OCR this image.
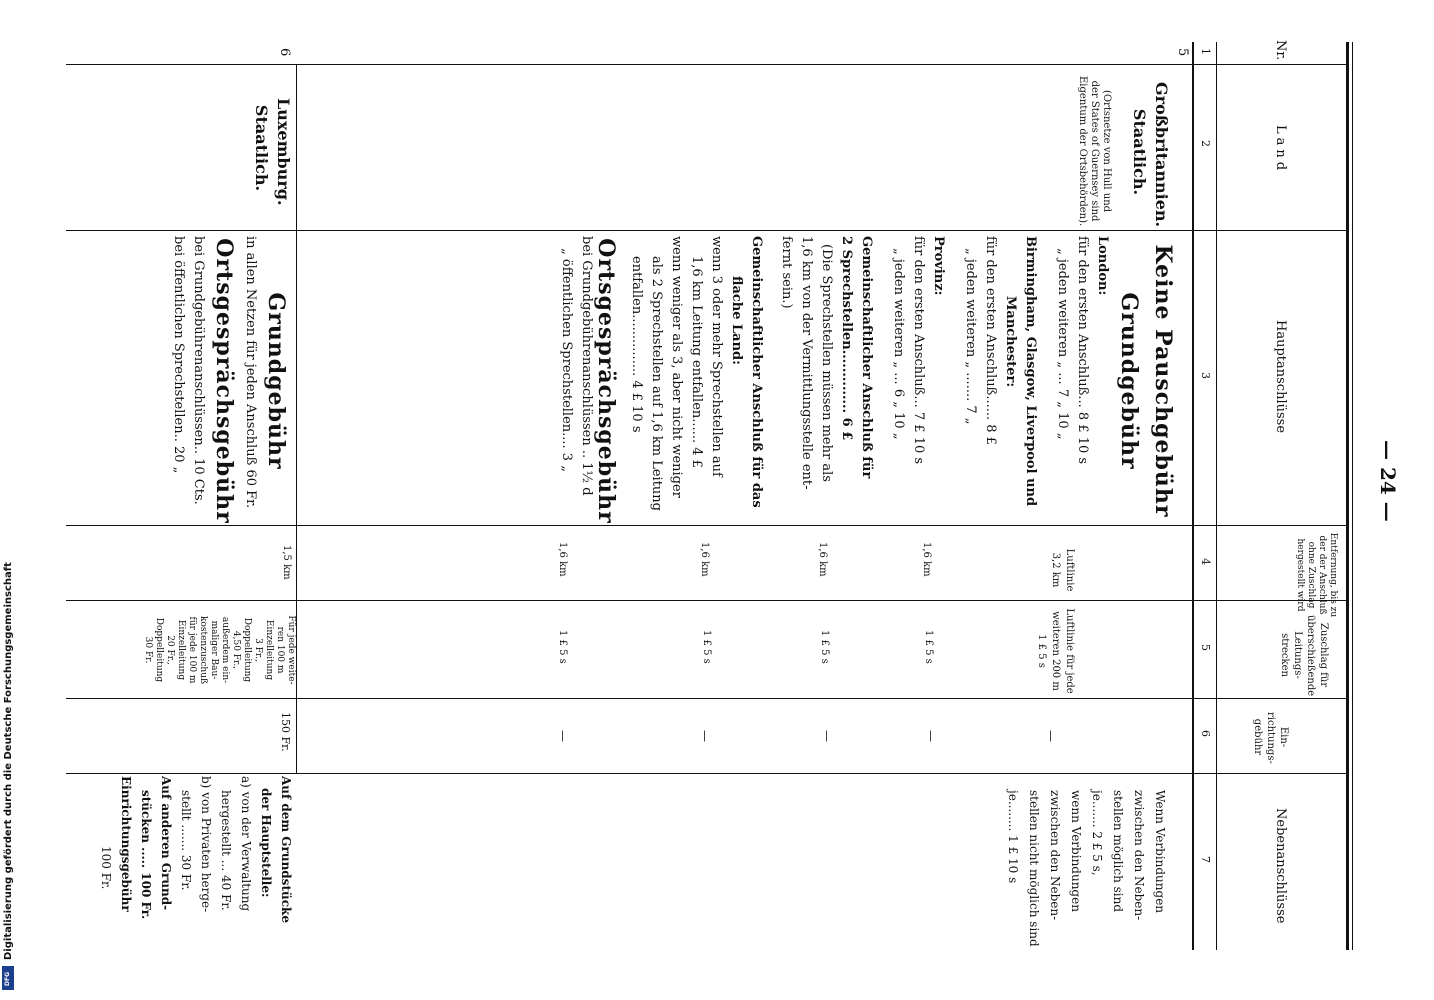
— 24 —
Digitalisierung gefördert durch die Deutsche Forschungsgemeinschaft
DFG
Nr.
Land
Hauptanschlüsse
Entfernung, bis zu der der Anschluß ohne Zuschlag hergestellt wird
Zuschlag für überschießende Leitungs-strecken
Ein-richtungs-gebühr
Nebenanschlüsse
1
2
3
4
5
6
7
5
Großbritannien.
Staatlich.
(Ortsnetze von Hull und
der States of Guernsey sind
Eigentum der Ortsbehörden).
Keine Pauschgebühr
Grundgebühr
London:
für den ersten Anschluß... 8 £ 10 s
„ jeden weiteren „ ... 7 „ 10 „
Birmingham, Glasgow, Liverpool und
Manchester:
für den ersten Anschluß...... 8 £
„ jeden weiteren „ ....... 7 „
Provinz:
für den ersten Anschluß... 7 £ 10 s
„ jeden weiteren „ ... 6 „ 10 „
Gemeinschaftlicher Anschluß für
2 Sprechstellen.............. 6 £
(Die Sprechstellen müssen mehr als
1,6 km von der Vermittlungsstelle ent-
fernt sein.)
Gemeinschaftlicher Anschluß für das
flache Land:
wenn 3 oder mehr Sprechstellen auf
1,6 km Leitung entfallen...... 4 £
wenn weniger als 3, aber nicht weniger
als 2 Sprechstellen auf 1,6 km Leitung
entfallen............... 4 £ 10 s
Ortsgesprächsgebühr
bei Grundgebührenanschlüssen .. 1½ d
„ öffentlichen Sprechstellen.... 3 „
Luftlinie
3,2 km
1,6 km
1,6 km
1,6 km
1,6 km
Luftlinie für jede
weiteren 200 m
1 £ 5 s
1 £ 5 s
1 £ 5 s
1 £ 5 s
1 £ 5 s
—
—
—
—
—
Wenn Verbindungen
zwischen den Neben-
stellen möglich sind
je....... 2 £ 5 s,
wenn Verbindungen
zwischen den Neben-
stellen nicht möglich sind
je........ 1 £ 10 s
6
Luxemburg.
Staatlich.
Grundgebühr
in allen Netzen für jeden Anschluß 60 Fr.
Ortsgesprächsgebühr
bei Grundgebührenanschlüssen.. 10 Cts.
bei öffentlichen Sprechstellen.. 20 „
1,5 km
Für jede weite-
ren 100 m
Einzelleitung
3 Fr.,
Doppelleitung
4,50 Fr.,
außerdem ein-
maliger Bau-
kostenzuschuß
für jede 100 m
Einzelleitung
20 Fr.,
Doppelleitung
30 Fr.
150 Fr.
Auf dem Grundstücke
der Hauptstelle:
a) von der Verwaltung
hergestellt ... 40 Fr.
b) von Privaten herge-
stellt ....... 30 Fr.
Auf anderen Grund-
stücken ..... 100 Fr.
Einrichtungsgebühr
100 Fr.
